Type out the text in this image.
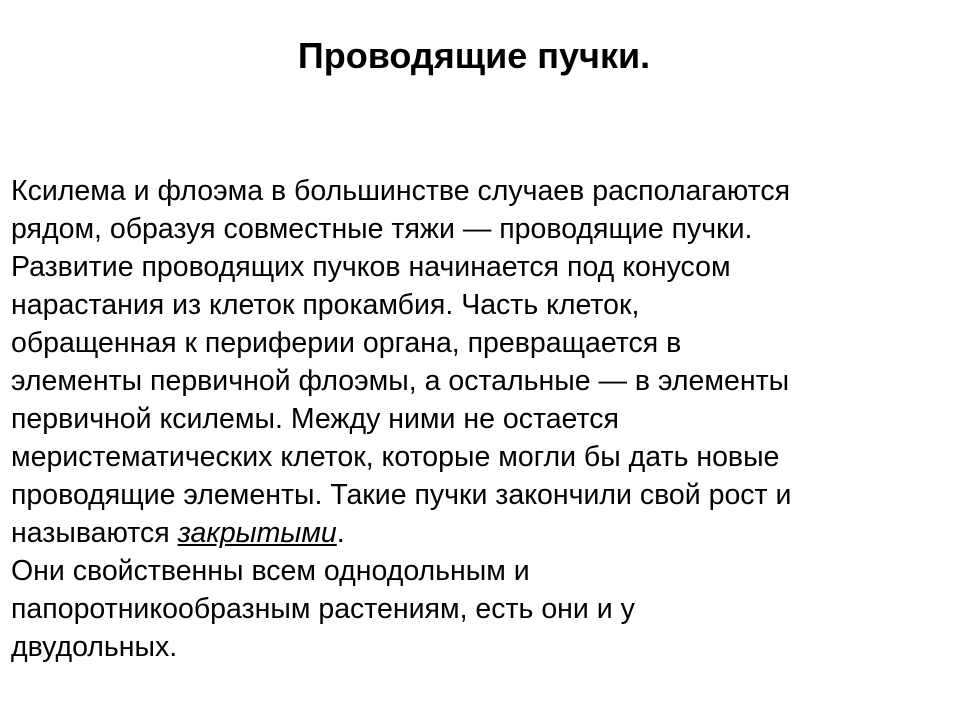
Проводящие пучки.
Ксилема и флоэма в большинстве случаев располагаются
рядом, образуя совместные тяжи — проводящие пучки.
Развитие проводящих пучков начинается под конусом
нарастания из клеток прокамбия. Часть клеток,
обращенная к периферии органа, превращается в
элементы первичной флоэмы, а остальные — в элементы
первичной ксилемы. Между ними не остается
меристематических клеток, которые могли бы дать новые
проводящие элементы. Такие пучки закончили свой рост и
называются закрытыми.
Они свойственны всем однодольным и
папоротникообразным растениям, есть они и у
двудольных.
